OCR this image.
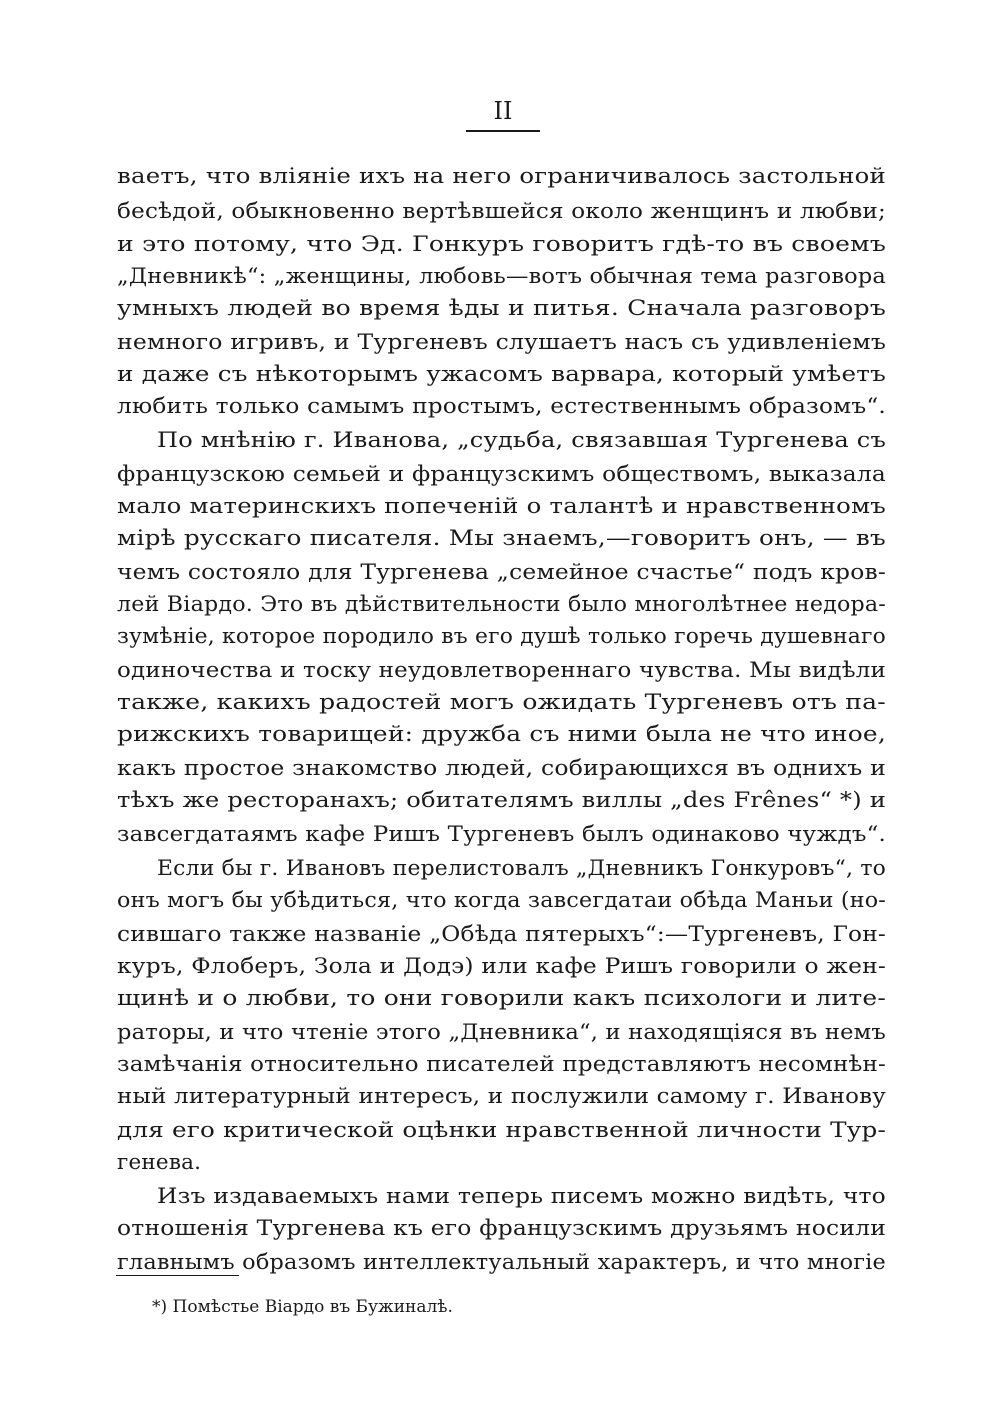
II
ваетъ, что вліяніе ихъ на него ограничивалось застольной
бесѣдой, обыкновенно вертѣвшейся около женщинъ и любви;
и это потому, что Эд. Гонкуръ говоритъ гдѣ-то въ своемъ
„Дневникѣ“: „женщины, любовь—вотъ обычная тема разговора
умныхъ людей во время ѣды и питья. Сначала разговоръ
немного игривъ, и Тургеневъ слушаетъ насъ съ удивленіемъ
и даже съ нѣкоторымъ ужасомъ варвара, который умѣетъ
любить только самымъ простымъ, естественнымъ образомъ“.
По мнѣнію г. Иванова, „судьба, связавшая Тургенева съ
французскою семьей и французскимъ обществомъ, выказала
мало материнскихъ попеченій о талантѣ и нравственномъ
мірѣ русскаго писателя. Мы знаемъ,—говоритъ онъ, — въ
чемъ состояло для Тургенева „семейное счастье“ подъ кров-
лей Віардо. Это въ дѣйствительности было многолѣтнее недора-
зумѣніе, которое породило въ его душѣ только горечь душевнаго
одиночества и тоску неудовлетвореннаго чувства. Мы видѣли
также, какихъ радостей могъ ожидать Тургеневъ отъ па-
рижскихъ товарищей: дружба съ ними была не что иное,
какъ простое знакомство людей, собирающихся въ однихъ и
тѣхъ же ресторанахъ; обитателямъ виллы „des Frênes“ *) и
завсегдатаямъ кафе Ришъ Тургеневъ былъ одинаково чуждъ“.
Если бы г. Ивановъ перелистовалъ „Дневникъ Гонкуровъ“, то
онъ могъ бы убѣдиться, что когда завсегдатаи обѣда Маньи (но-
сившаго также названіе „Обѣда пятерыхъ“:—Тургеневъ, Гон-
куръ, Флоберъ, Зола и Додэ) или кафе Ришъ говорили о жен-
щинѣ и о любви, то они говорили какъ психологи и лите-
раторы, и что чтеніе этого „Дневника“, и находящіяся въ немъ
замѣчанія относительно писателей представляютъ несомнѣн-
ный литературный интересъ, и послужили самому г. Иванову
для его критической оцѣнки нравственной личности Тур-
генева.
Изъ издаваемыхъ нами теперь писемъ можно видѣть, что
отношенія Тургенева къ его французскимъ друзьямъ носили
главнымъ образомъ интеллектуальный характеръ, и что многіе
*) Помѣстье Віардо въ Бужиналѣ.
